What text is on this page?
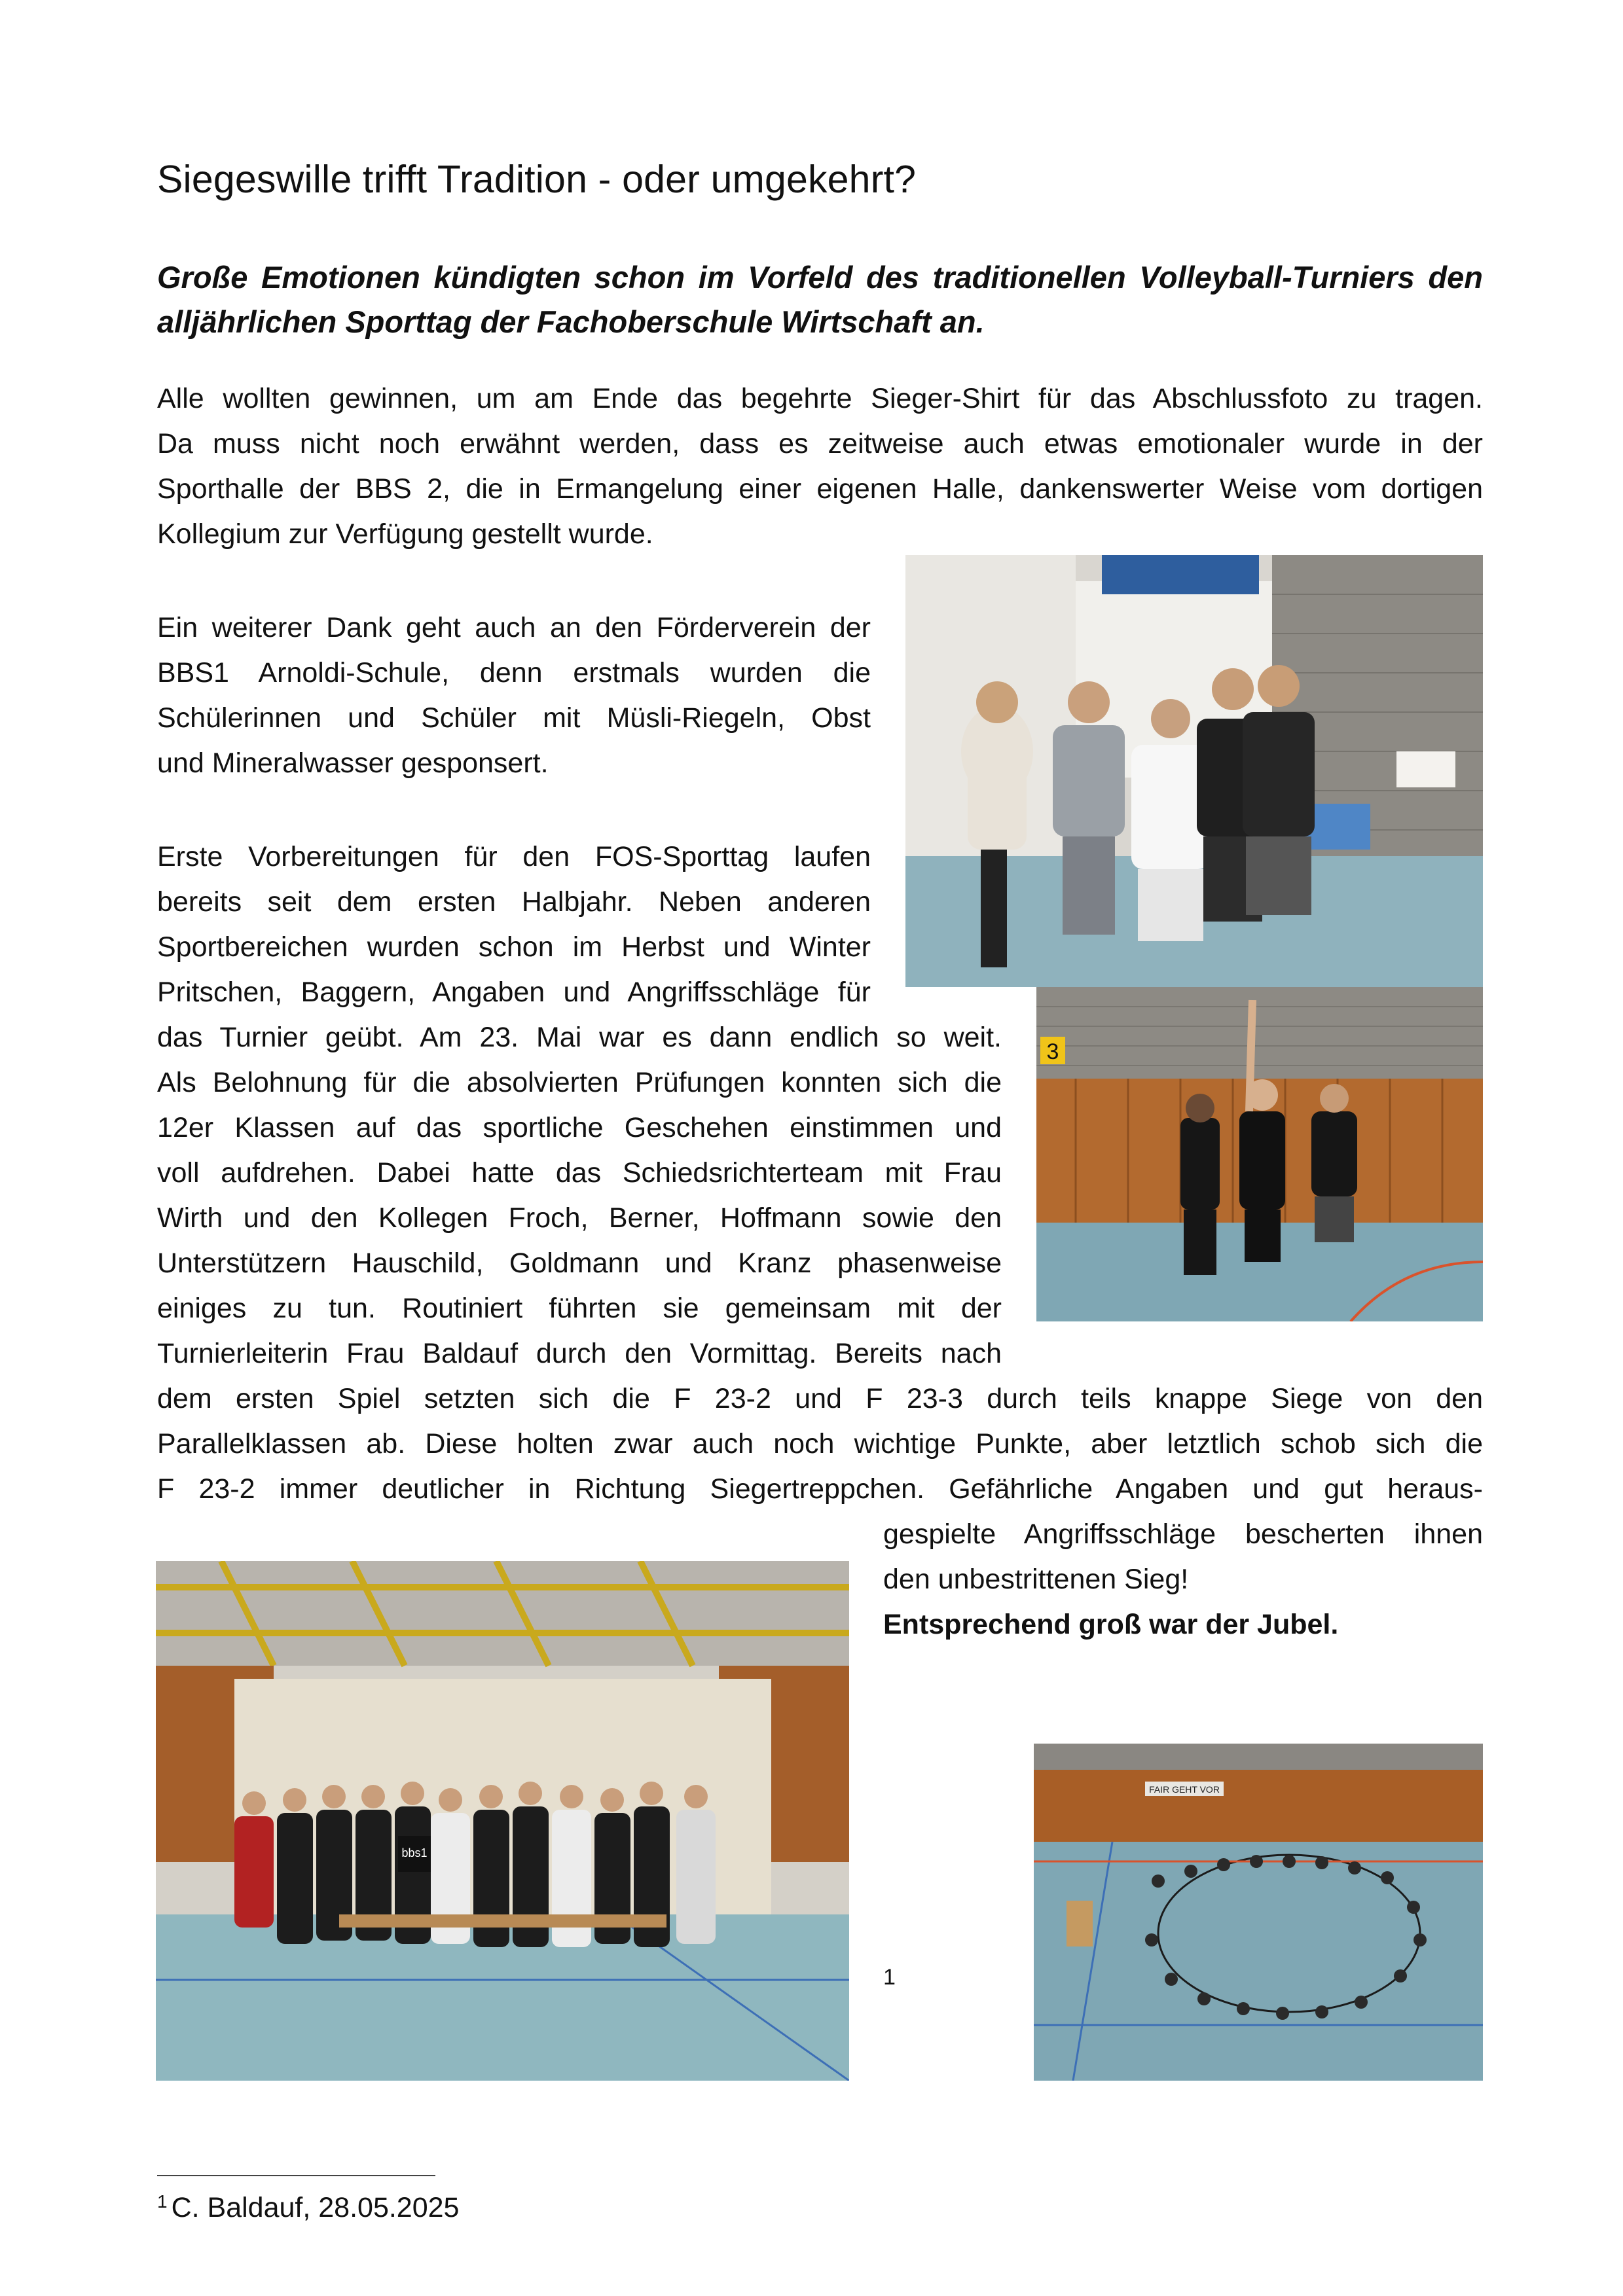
Siegeswille trifft Tradition - oder umgekehrt?
Große Emotionen kündigten schon im Vorfeld des traditionellen Volleyball-Turniers den alljährlichen Sporttag der Fachoberschule Wirtschaft an.
Alle wollten gewinnen, um am Ende das begehrte Sieger-Shirt für das Abschlussfoto zu tragen.
Da muss nicht noch erwähnt werden, dass es zeitweise auch etwas emotionaler wurde in der
Sporthalle der BBS 2, die in Ermangelung einer eigenen Halle, dankenswerter Weise vom dortigen
Kollegium zur Verfügung gestellt wurde.
Ein weiterer Dank geht auch an den Förderverein der
BBS1 Arnoldi-Schule, denn erstmals wurden die
Schülerinnen und Schüler mit Müsli-Riegeln, Obst
und Mineralwasser gesponsert.
Erste Vorbereitungen für den FOS-Sporttag laufen
bereits seit dem ersten Halbjahr. Neben anderen
Sportbereichen wurden schon im Herbst und Winter
Pritschen, Baggern, Angaben und Angriffsschläge für
das Turnier geübt. Am 23. Mai war es dann endlich so weit.
Als Belohnung für die absolvierten Prüfungen konnten sich die
12er Klassen auf das sportliche Geschehen einstimmen und
voll aufdrehen. Dabei hatte das Schiedsrichterteam mit Frau
Wirth und den Kollegen Froch, Berner, Hoffmann sowie den
Unterstützern Hauschild, Goldmann und Kranz phasenweise
einiges zu tun. Routiniert führten sie gemeinsam mit der
Turnierleiterin Frau Baldauf durch den Vormittag. Bereits nach
dem ersten Spiel setzten sich die F 23-2 und F 23-3 durch teils knappe Siege von den
Parallelklassen ab. Diese holten zwar auch noch wichtige Punkte, aber letztlich schob sich die
F 23-2 immer deutlicher in Richtung Siegertreppchen. Gefährliche Angaben und gut heraus-
gespielte Angriffsschläge bescherten ihnen
den unbestrittenen Sieg!
Entsprechend groß war der Jubel.
3
bbs1
1
FAIR GEHT VOR
$^1$ C. Baldauf, 28.05.2025
